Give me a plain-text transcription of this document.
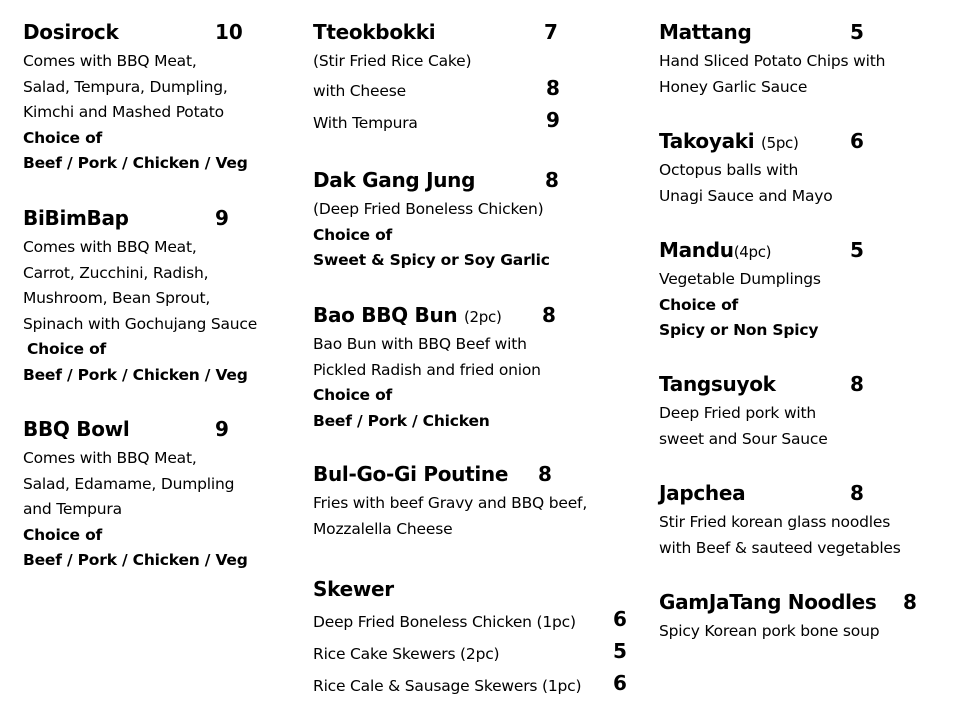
Dosirock	10
Comes with BBQ Meat,
Salad, Tempura, Dumpling,
Kimchi and Mashed Potato
Choice of
Beef / Pork / Chicken / Veg
BiBimBap	9
Comes with BBQ Meat,
Carrot, Zucchini, Radish,
Mushroom, Bean Sprout,
Spinach with Gochujang Sauce
Choice of
Beef / Pork / Chicken / Veg
BBQ Bowl	9
Comes with BBQ Meat,
Salad, Edamame, Dumpling
and Tempura
Choice of
Beef / Pork / Chicken / Veg
Tteokbokki	7
(Stir Fried Rice Cake)
with Cheese	8
With Tempura	9
Dak Gang Jung	8
(Deep Fried Boneless Chicken)
Choice of
Sweet & Spicy or Soy Garlic
Bao BBQ Bun (2pc) 8
Bao Bun with BBQ Beef with
Pickled Radish and fried onion
Choice of
Beef / Pork / Chicken
Bul-Go-Gi Poutine 8
Fries with beef Gravy and BBQ beef,
Mozzalella Cheese
Skewer
Deep Fried Boneless Chicken (1pc) 6
Rice Cake Skewers (2pc)	5
Rice Cale & Sausage Skewers (1pc) 6
Mattang	5
Hand Sliced Potato Chips with
Honey Garlic Sauce
Takoyaki (5pc)	6
Octopus balls with
Unagi Sauce and Mayo
Mandu(4pc)	5
Vegetable Dumplings
Choice of
Spicy or Non Spicy
Tangsuyok	8
Deep Fried pork with
sweet and Sour Sauce
Japchea	8
Stir Fried korean glass noodles
with Beef & sauteed vegetables
GamJaTang Noodles 8
Spicy Korean pork bone soup
